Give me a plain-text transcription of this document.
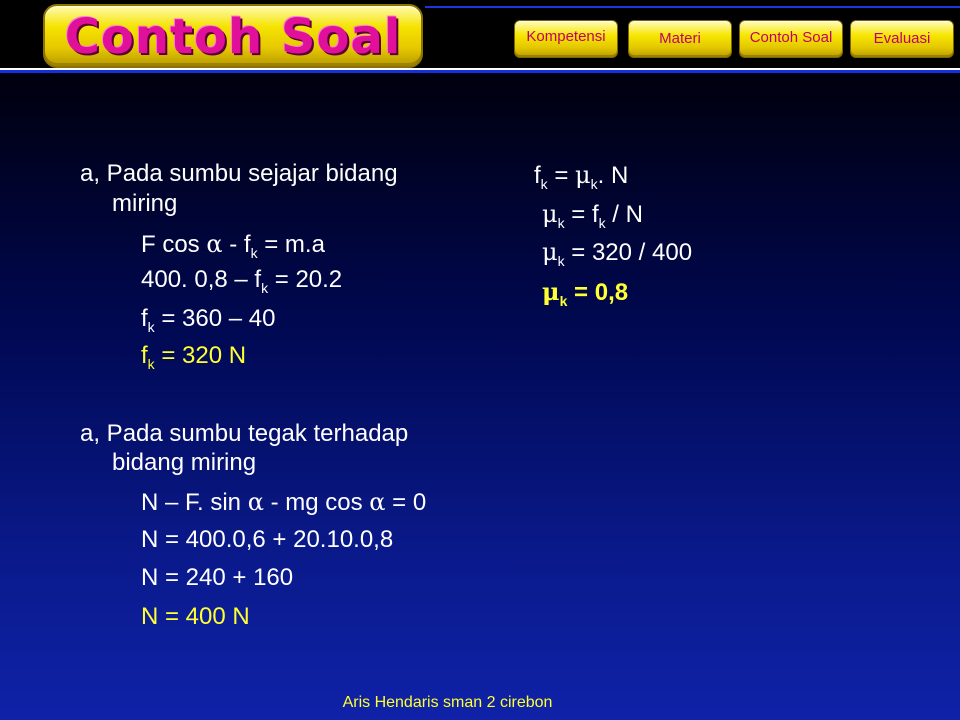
Contoh Soal	Kompetensi	Materi	Contoh Soal	Evaluasi
a, Pada sumbu sejajar bidang
miring
F $\cos \alpha - f_k = m.a$
400. $0,8 - f_k = 20.2$
$f_k = 360 - 40$
$f_k = 320$ N
a, Pada sumbu tegak terhadap
bidang miring
N – F. sin α - mg cos α = 0
N = 400.0,6 + 20.10.0,8
N = 240 + 160
N = 400 N
$f_k = \mu_k$. N
$\mu_k = f_k / N$
$\mu_k = 320 / 400$
$\mu_k = 0,8$
Aris Hendaris sman 2 cirebon
